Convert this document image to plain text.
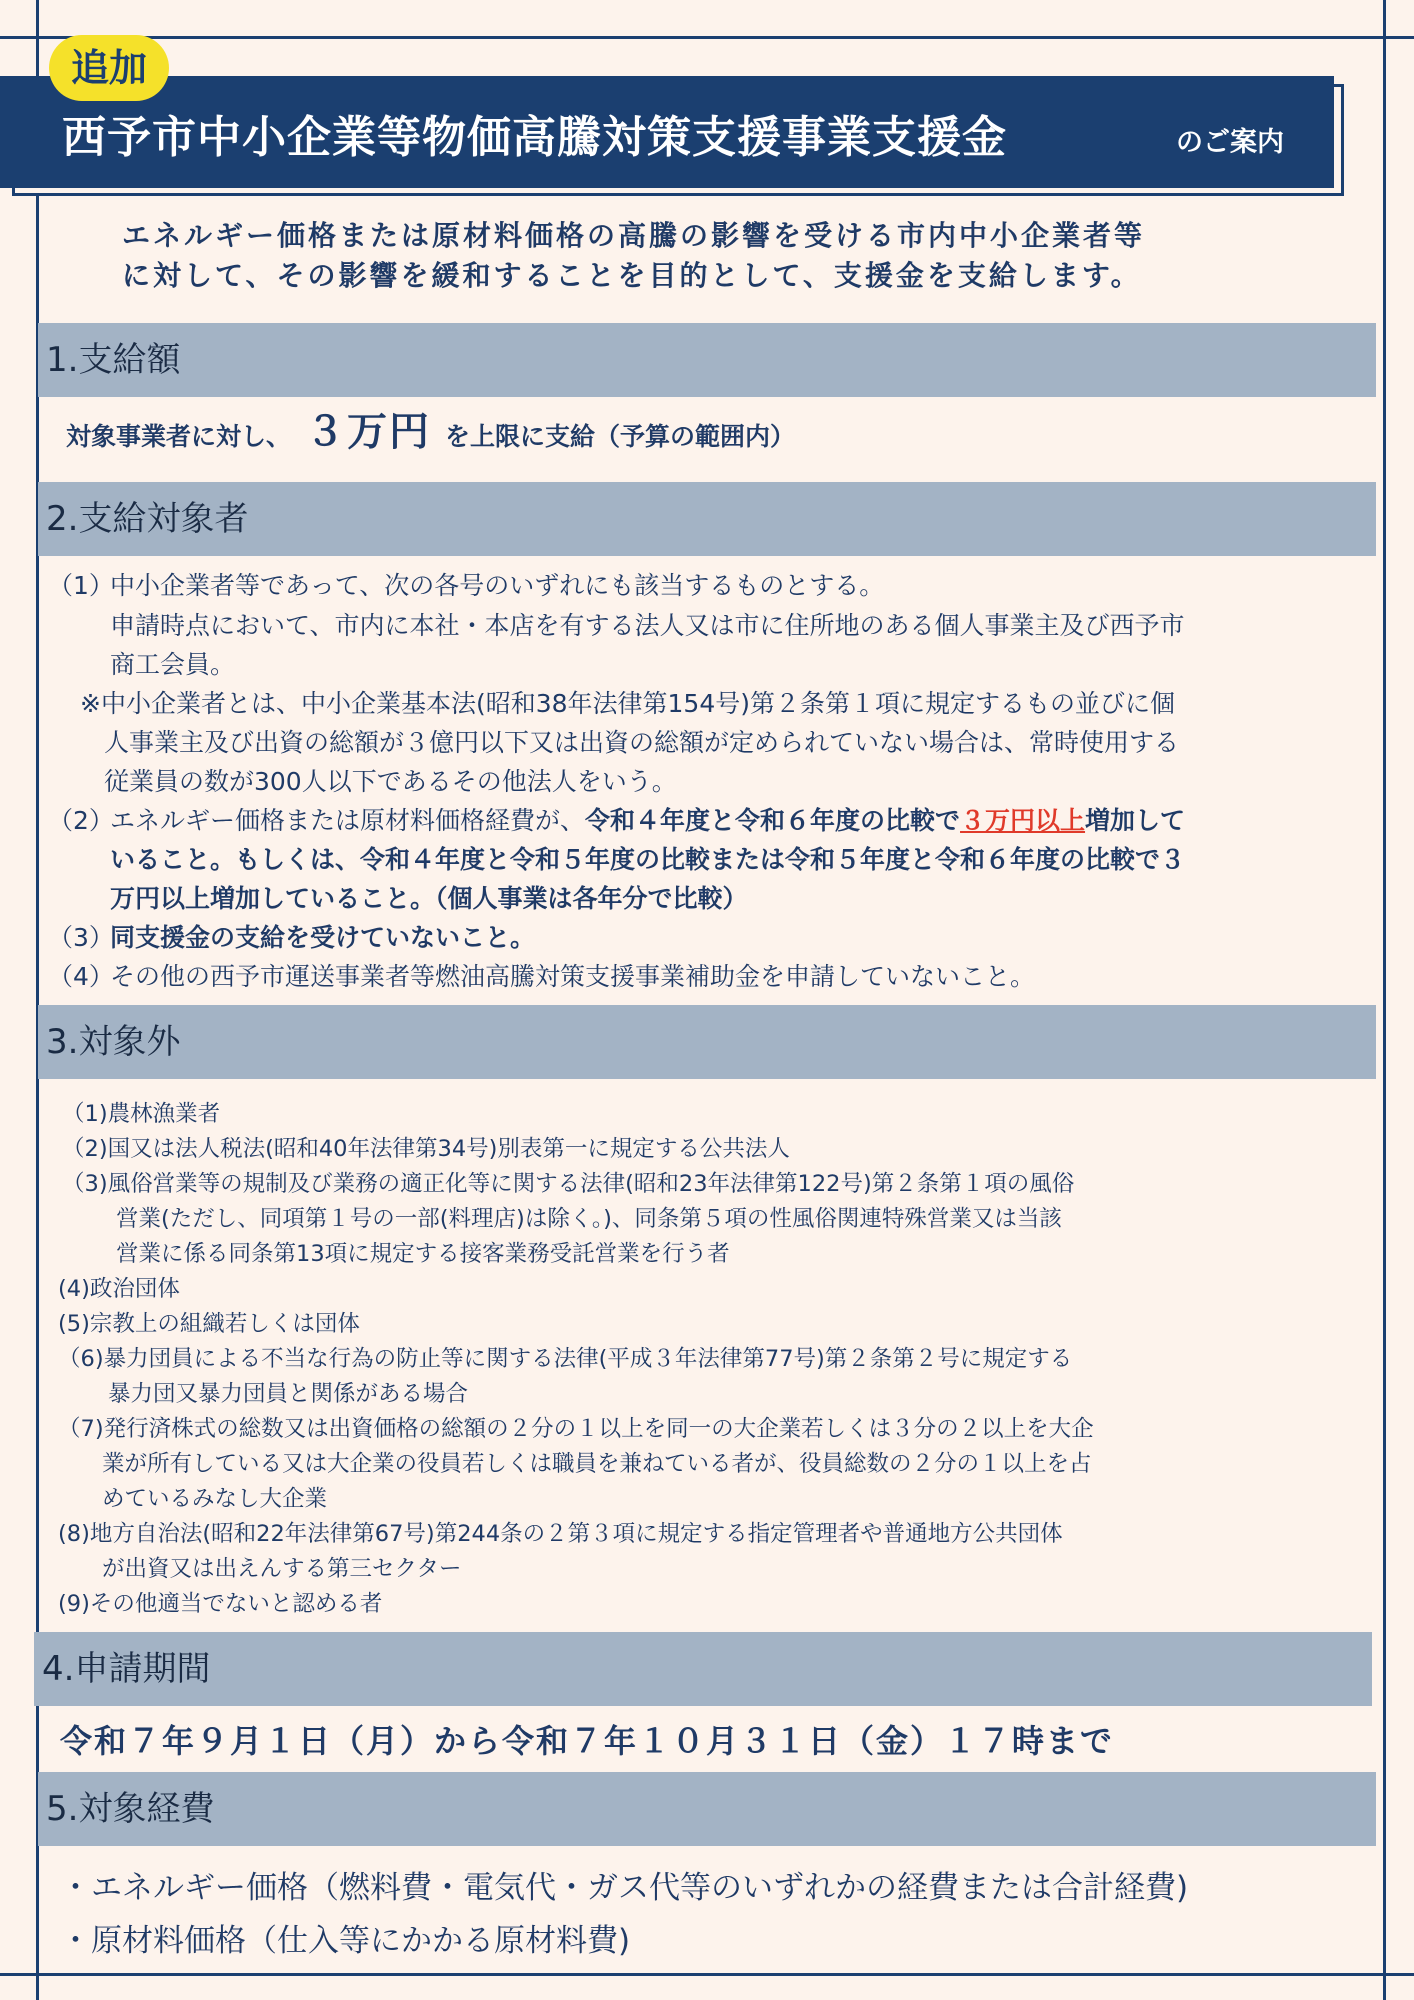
西予市中小企業等物価高騰対策支援事業支援金	のご案内
追加
エネルギー価格または原材料価格の高騰の影響を受ける市内中小企業者等
に対して、その影響を緩和することを目的として、支援金を支給します。
1.支給額
対象事業者に対し、 ３万円 を上限に支給（予算の範囲内）
2.支給対象者
（1）
中小企業者等であって、次の各号のいずれにも該当するものとする。
申請時点において、市内に本社・本店を有する法人又は市に住所地のある個人事業主及び西予市
商工会員。
※中小企業者とは、中小企業基本法(昭和38年法律第154号)第２条第１項に規定するもの並びに個
人事業主及び出資の総額が３億円以下又は出資の総額が定められていない場合は、常時使用する
従業員の数が300人以下であるその他法人をいう。
（2）
エネルギー価格または原材料価格経費が、令和４年度と令和６年度の比較で３万円以上増加して
いること。もしくは、令和４年度と令和５年度の比較または令和５年度と令和６年度の比較で３
万円以上増加していること。（個人事業は各年分で比較）
（3）
同支援金の支給を受けていないこと。
（4）
その他の西予市運送事業者等燃油高騰対策支援事業補助金を申請していないこと。
3.対象外
（1)農林漁業者
（2)国又は法人税法(昭和40年法律第34号)別表第一に規定する公共法人
（3)風俗営業等の規制及び業務の適正化等に関する法律(昭和23年法律第122号)第２条第１項の風俗
営業(ただし、同項第１号の一部(料理店)は除く。)、同条第５項の性風俗関連特殊営業又は当該
営業に係る同条第13項に規定する接客業務受託営業を行う者
(4)政治団体
(5)宗教上の組織若しくは団体
（6)暴力団員による不当な行為の防止等に関する法律(平成３年法律第77号)第２条第２号に規定する
暴力団又暴力団員と関係がある場合
（7)発行済株式の総数又は出資価格の総額の２分の１以上を同一の大企業若しくは３分の２以上を大企
業が所有している又は大企業の役員若しくは職員を兼ねている者が、役員総数の２分の１以上を占
めているみなし大企業
(8)地方自治法(昭和22年法律第67号)第244条の２第３項に規定する指定管理者や普通地方公共団体
が出資又は出えんする第三セクター
(9)その他適当でないと認める者
4.申請期間
令和７年９月１日（月）から令和７年１０月３１日（金）１７時まで
5.対象経費
・エネルギー価格（燃料費・電気代・ガス代等のいずれかの経費または合計経費)
・原材料価格（仕入等にかかる原材料費)
